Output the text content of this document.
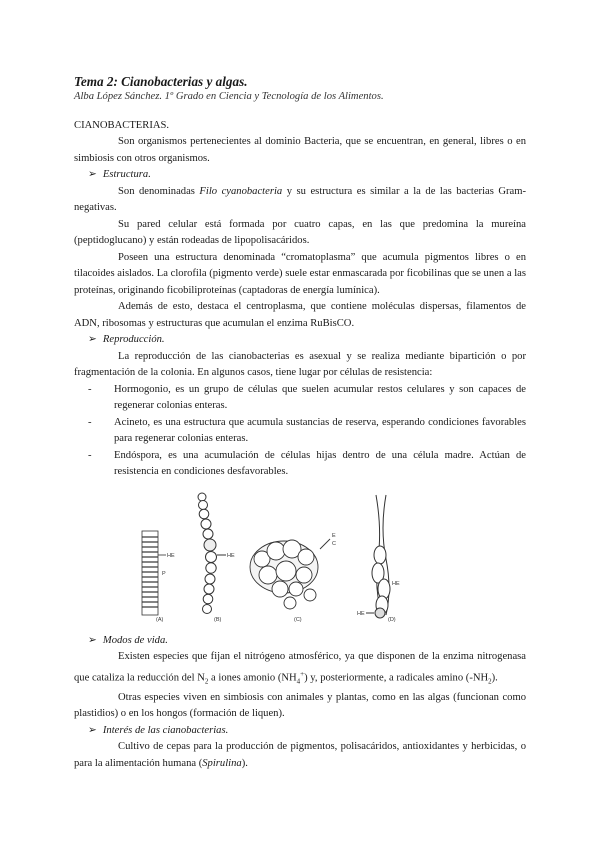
Tema 2: Cianobacterias y algas.
Alba López Sánchez. 1º Grado en Ciencia y Tecnología de los Alimentos.
CIANOBACTERIAS.

Son organismos pertenecientes al dominio Bacteria, que se encuentran, en general, libres o en simbiosis con otros organismos.

➢ Estructura.

Son denominadas Filo cyanobacteria y su estructura es similar a la de las bacterias Gram-negativas.

Su pared celular está formada por cuatro capas, en las que predomina la mureína (peptidoglucano) y están rodeadas de lipopolisacáridos.

Poseen una estructura denominada “cromatoplasma” que acumula pigmentos libres o en tilacoides aislados. La clorofila (pigmento verde) suele estar enmascarada por ficobilinas que se unen a las proteínas, originando ficobiliproteínas (captadoras de energía lumínica).

Además de esto, destaca el centroplasma, que contiene moléculas dispersas, filamentos de ADN, ribosomas y estructuras que acumulan el enzima RuBisCO.

➢ Reproducción.

La reproducción de las cianobacterias es asexual y se realiza mediante bipartición o por fragmentación de la colonia. En algunos casos, tiene lugar por células de resistencia:

- Hormogonio, es un grupo de células que suelen acumular restos celulares y son capaces de regenerar colonias enteras.
- Acineto, es una estructura que acumula sustancias de reserva, esperando condiciones favorables para regenerar colonias enteras.
- Endóspora, es una acumulación de células hijas dentro de una célula madre. Actúan de resistencia en condiciones desfavorables.
HE
P
(A)
HE
(B)
E
C
(C)
HE
HE
(D)
➢ Modos de vida.

Existen especies que fijan el nitrógeno atmosférico, ya que disponen de la enzima nitrogenasa que cataliza la reducción del $N_2$ a iones amonio $(NH_4^+)$ y, posteriormente, a radicales amino $(-NH_2)$.

Otras especies viven en simbiosis con animales y plantas, como en las algas (funcionan como plastidios) o en los hongos (formación de liquen).

➢ Interés de las cianobacterias.

Cultivo de cepas para la producción de pigmentos, polisacáridos, antioxidantes y herbicidas, o para la alimentación humana (Spirulina).
